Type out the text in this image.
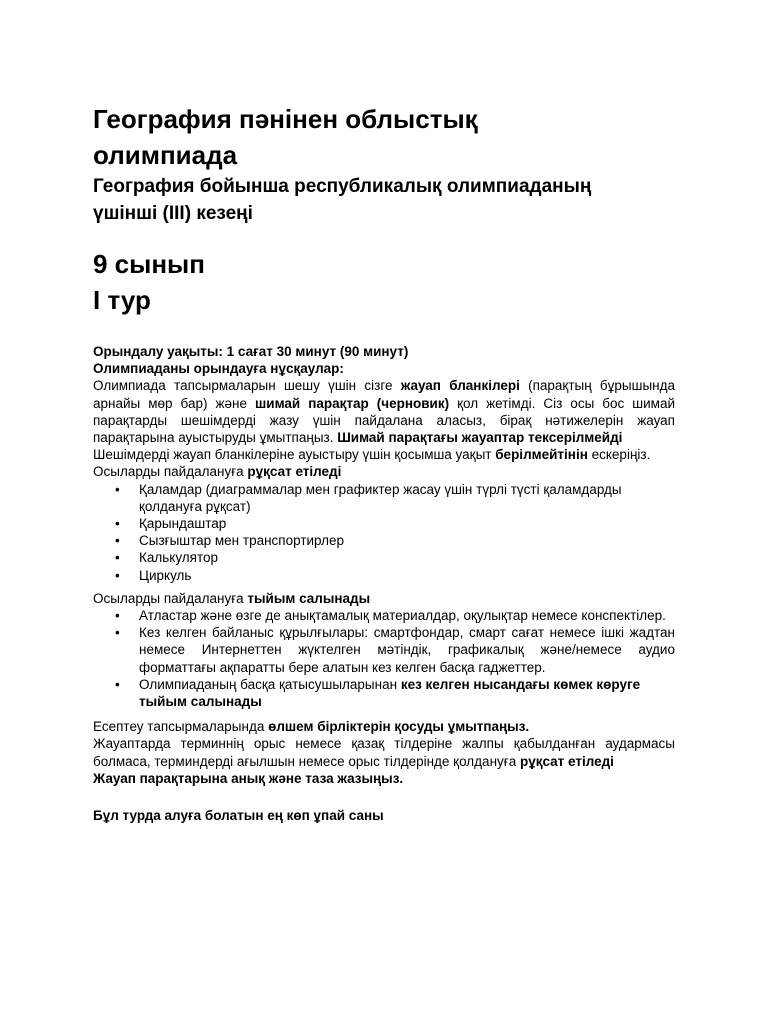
География пәнінен облыстық
олимпиада

География бойынша республикалық олимпиаданың
үшінші (ІІІ) кезеңі

9 сынып
I тур

Орындалу уақыты: 1 сағат 30 минут (90 минут)

Олимпиаданы орындауға нұсқаулар:

Олимпиада тапсырмаларын шешу үшін сізге жауап бланкілері (парақтың бұрышында арнайы мөр бар) және шимай парақтар (черновик) қол жетімді. Сіз осы бос шимай парақтарды шешімдерді жазу үшін пайдалана аласыз, бірақ нәтижелерін жауап парақтарына ауыстыруды ұмытпаңыз. Шимай парақтағы жауаптар тексерілмейді

Шешімдерді жауап бланкілеріне ауыстыру үшін қосымша уақыт берілмейтінін ескеріңіз.

Осыларды пайдалануға рұқсат етіледі

• Қаламдар (диаграммалар мен графиктер жасау үшін түрлі түсті қаламдарды қолдануға рұқсат)
• Қарындаштар
• Сызғыштар мен транспортирлер
• Калькулятор
• Циркуль

Осыларды пайдалануға тыйым салынады

• Атластар және өзге де анықтамалық материалдар, оқулықтар немесе конспектілер.
• Кез келген байланыс құрылғылары: смартфондар, смарт сағат немесе ішкі жадтан немесе Интернеттен жүктелген мәтіндік, графикалық және/немесе аудио форматтағы ақпаратты бере алатын кез келген басқа гаджеттер.
• Олимпиаданың басқа қатысушыларынан кез келген нысандағы көмек көруге тыйым салынады

Есептеу тапсырмаларында өлшем бірліктерін қосуды ұмытпаңыз.

Жауаптарда терминнің орыс немесе қазақ тілдеріне жалпы қабылданған аудармасы болмаса, терминдерді ағылшын немесе орыс тілдерінде қолдануға рұқсат етіледі

Жауап парақтарына анық және таза жазыңыз.

Бұл турда алуға болатын ең көп ұпай саны
